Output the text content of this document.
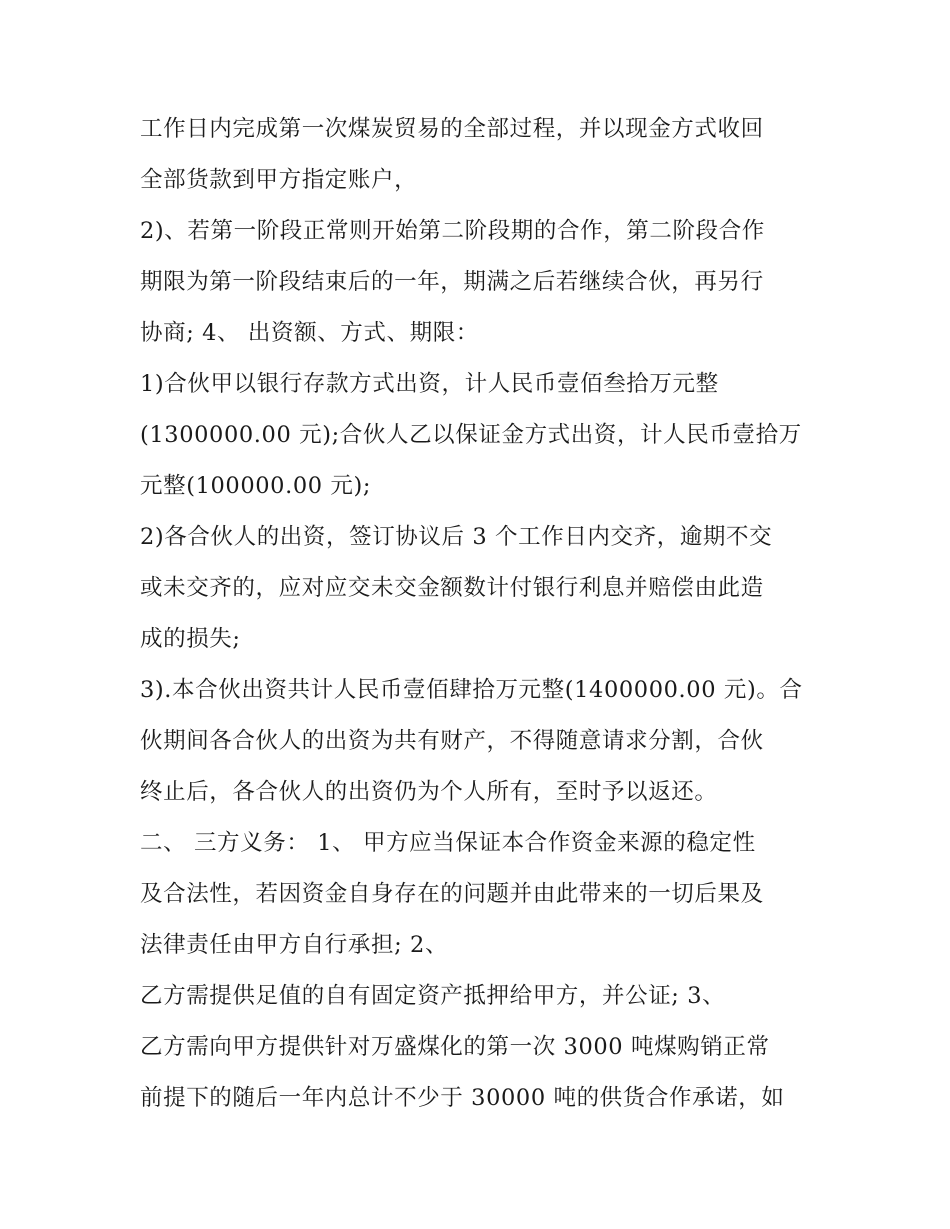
工作日内完成第一次煤炭贸易的全部过程，并以现金方式收回
全部货款到甲方指定账户，
2)、若第一阶段正常则开始第二阶段期的合作，第二阶段合作
期限为第一阶段结束后的一年，期满之后若继续合伙，再另行
协商; 4、 出资额、方式、期限：
1)合伙甲以银行存款方式出资，计人民币壹佰叁拾万元整
(1300000.00 元);合伙人乙以保证金方式出资，计人民币壹拾万
元整(100000.00 元);
2)各合伙人的出资，签订协议后 3 个工作日内交齐，逾期不交
或未交齐的，应对应交未交金额数计付银行利息并赔偿由此造
成的损失;
3).本合伙出资共计人民币壹佰肆拾万元整(1400000.00 元)。合
伙期间各合伙人的出资为共有财产，不得随意请求分割，合伙
终止后，各合伙人的出资仍为个人所有，至时予以返还。
二、 三方义务： 1、 甲方应当保证本合作资金来源的稳定性
及合法性，若因资金自身存在的问题并由此带来的一切后果及
法律责任由甲方自行承担; 2、
乙方需提供足值的自有固定资产抵押给甲方，并公证; 3、
乙方需向甲方提供针对万盛煤化的第一次 3000 吨煤购销正常
前提下的随后一年内总计不少于 30000 吨的供货合作承诺，如
